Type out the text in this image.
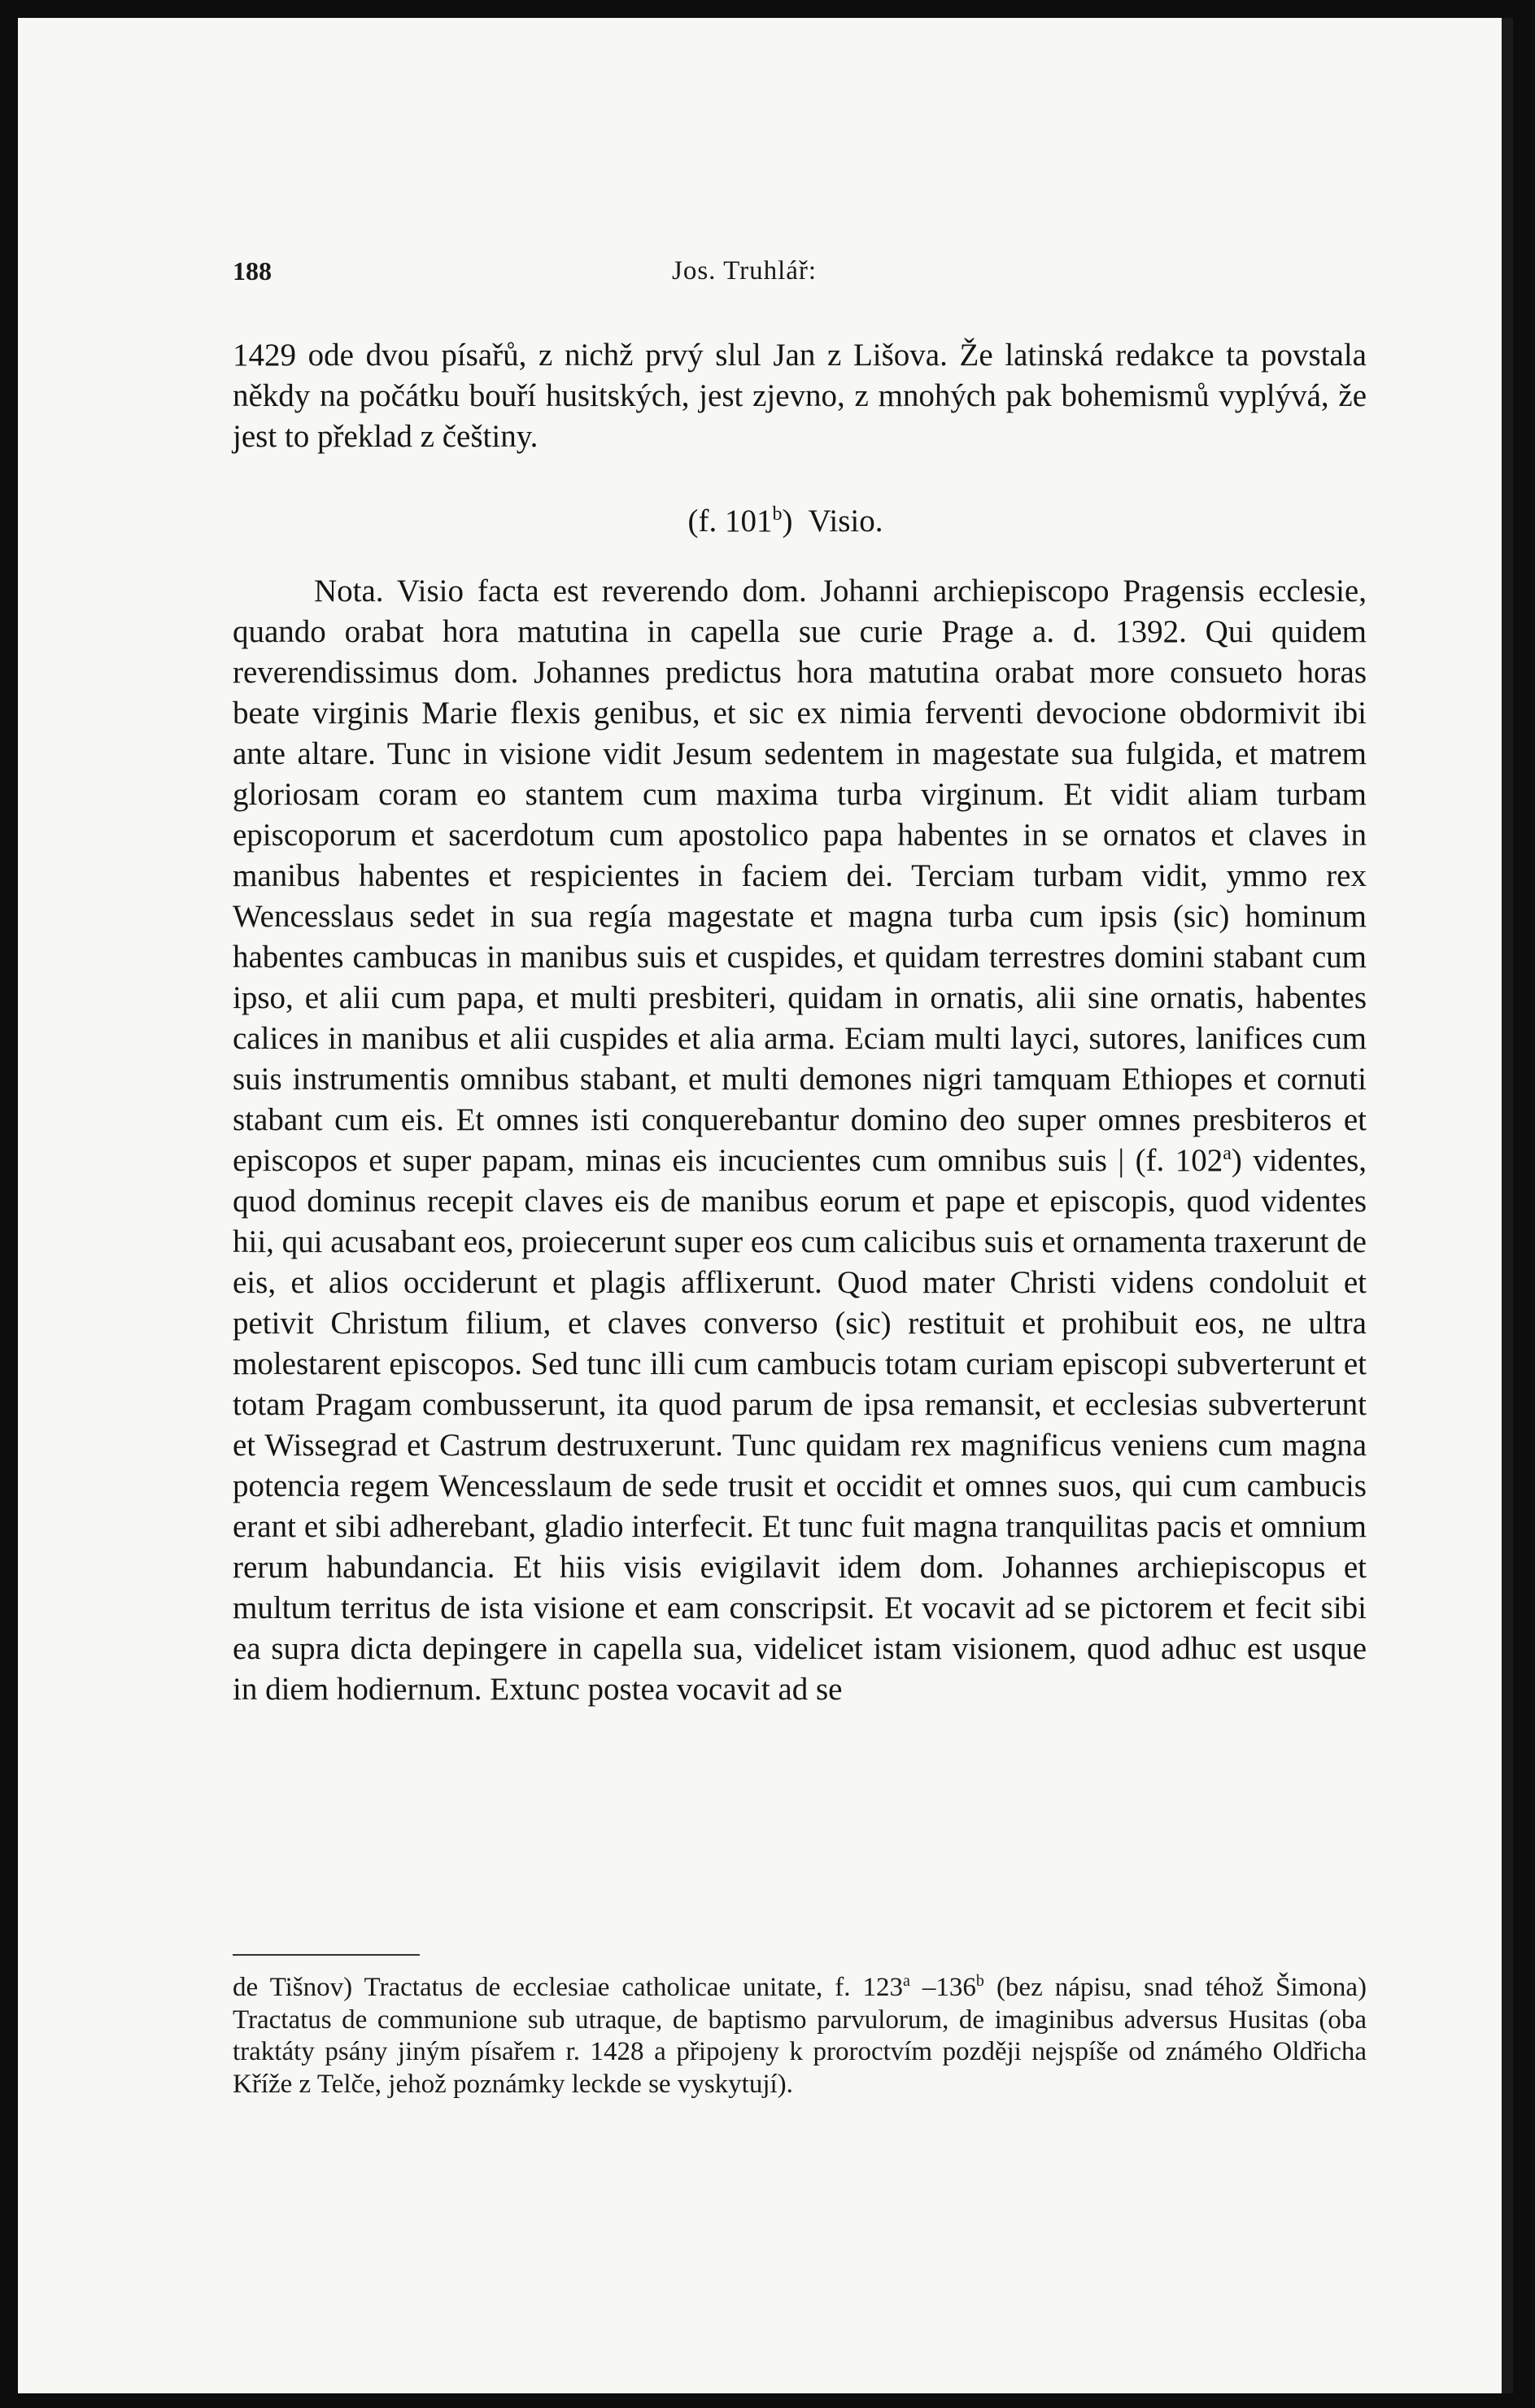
188	Jos. Truhlář:

1429 ode dvou písařů, z nichž prvý slul Jan z Lišova. Že latinská redakce ta povstala někdy na počátku bouří husitských, jest zjevno, z mnohých pak bohemismů vyplývá, že jest to překlad z češtiny.

(f. 101$^b$) Visio.

Nota. Visio facta est reverendo dom. Johanni archiepiscopo Pragensis ecclesie, quando orabat hora matutina in capella sue curie Prage a. d. 1392. Qui quidem reverendissimus dom. Johannes predictus hora matutina orabat more consueto horas beate virginis Marie flexis genibus, et sic ex nimia ferventi devocione obdormivit ibi ante altare. Tunc in visione vidit Jesum sedentem in magestate sua fulgida, et matrem gloriosam coram eo stantem cum maxima turba virginum. Et vidit aliam turbam episcoporum et sacerdotum cum apostolico papa habentes in se ornatos et claves in manibus habentes et respicientes in faciem dei. Terciam turbam vidit, ymmo rex Wencesslaus sedet in sua regía magestate et magna turba cum ipsis (sic) hominum habentes cambucas in manibus suis et cuspides, et quidam terrestres domini stabant cum ipso, et alii cum papa, et multi presbiteri, quidam in ornatis, alii sine ornatis, habentes calices in manibus et alii cuspides et alia arma. Eciam multi layci, sutores, lanifices cum suis instrumentis omnibus stabant, et multi demones nigri tamquam Ethiopes et cornuti stabant cum eis. Et omnes isti conquerebantur domino deo super omnes presbiteros et episcopos et super papam, minas eis incucientes cum omnibus suis | (f. 102$^a$) videntes, quod dominus recepit claves eis de manibus eorum et pape et episcopis, quod videntes hii, qui acusabant eos, proiecerunt super eos cum calicibus suis et ornamenta traxerunt de eis, et alios occiderunt et plagis afflixerunt. Quod mater Christi videns condoluit et petivit Christum filium, et claves converso (sic) restituit et prohibuit eos, ne ultra molestarent episcopos. Sed tunc illi cum cambucis totam curiam episcopi subverterunt et totam Pragam combusserunt, ita quod parum de ipsa remansit, et ecclesias subverterunt et Wissegrad et Castrum destruxerunt. Tunc quidam rex magnificus veniens cum magna potencia regem Wencesslaum de sede trusit et occidit et omnes suos, qui cum cambucis erant et sibi adherebant, gladio interfecit. Et tunc fuit magna tranquilitas pacis et omnium rerum habundancia. Et hiis visis evigilavit idem dom. Johannes archiepiscopus et multum territus de ista visione et eam conscripsit. Et vocavit ad se pictorem et fecit sibi ea supra dicta depingere in capella sua, videlicet istam visionem, quod adhuc est usque in diem hodiernum. Extunc postea vocavit ad se

de Tišnov) Tractatus de ecclesiae catholicae unitate, f. 123$^a$ –136$^b$ (bez nápisu, snad téhož Šimona) Tractatus de communione sub utraque, de baptismo parvulorum, de imaginibus adversus Husitas (oba traktáty psány jiným písařem r. 1428 a připojeny k proroctvím později nejspíše od známého Oldřicha Kříže z Telče, jehož poznámky leckde se vyskytují).
